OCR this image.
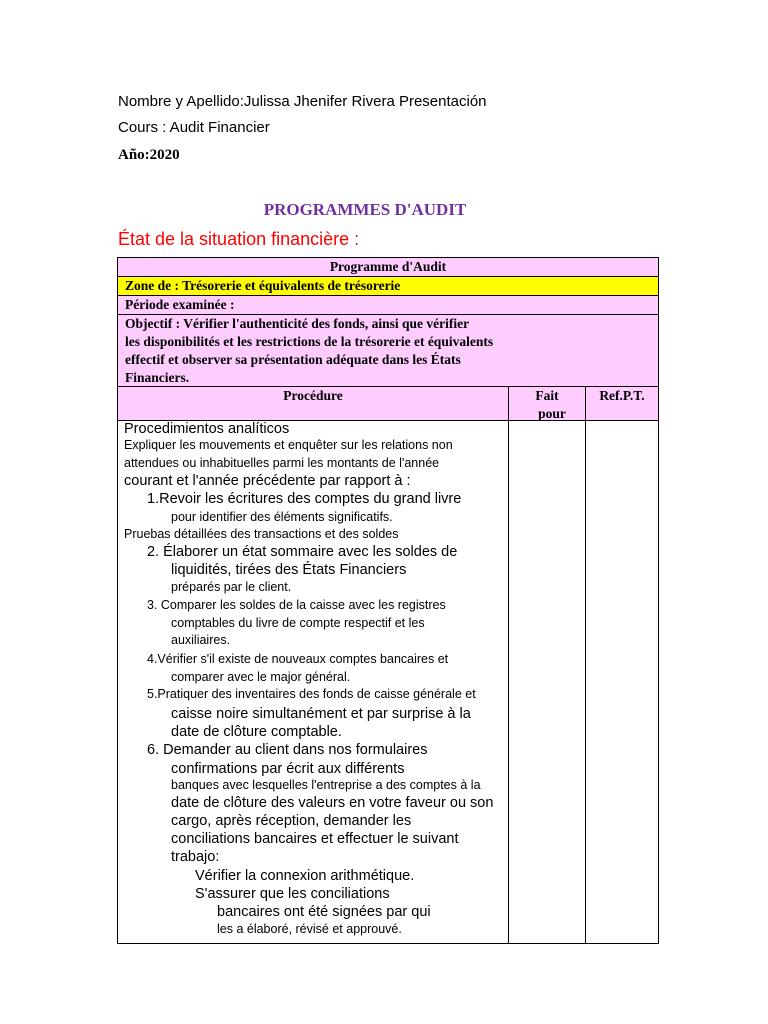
Nombre y Apellido:Julissa Jhenifer Rivera Presentación
Cours : Audit Financier
Año:2020
PROGRAMMES D'AUDIT
État de la situation financière :
Programme d'Audit
Zone de : Trésorerie et équivalents de trésorerie
Période examinée :
Objectif : Vérifier l'authenticité des fonds, ainsi que vérifier
les disponibilités et les restrictions de la trésorerie et équivalents
effectif et observer sa présentation adéquate dans les États
Financiers.
Procédure	Fait
pour
Ref.P.T.
Procedimientos analíticos
Expliquer les mouvements et enquêter sur les relations non
attendues ou inhabituelles parmi les montants de l'année
courant et l'année précédente par rapport à :
1.Revoir les écritures des comptes du grand livre
pour identifier des éléments significatifs.
Pruebas détaillées des transactions et des soldes
2. Élaborer un état sommaire avec les soldes de
liquidités, tirées des États Financiers
préparés par le client.
3. Comparer les soldes de la caisse avec les registres
comptables du livre de compte respectif et les
auxiliaires.
4.Vérifier s'il existe de nouveaux comptes bancaires et
comparer avec le major général.
5.Pratiquer des inventaires des fonds de caisse générale et
caisse noire simultanément et par surprise à la
date de clôture comptable.
6. Demander au client dans nos formulaires
confirmations par écrit aux différents
banques avec lesquelles l'entreprise a des comptes à la
date de clôture des valeurs en votre faveur ou son
cargo, après réception, demander les
conciliations bancaires et effectuer le suivant
trabajo:
Vérifier la connexion arithmétique.
S'assurer que les conciliations
bancaires ont été signées par qui
les a élaboré, révisé et approuvé.
